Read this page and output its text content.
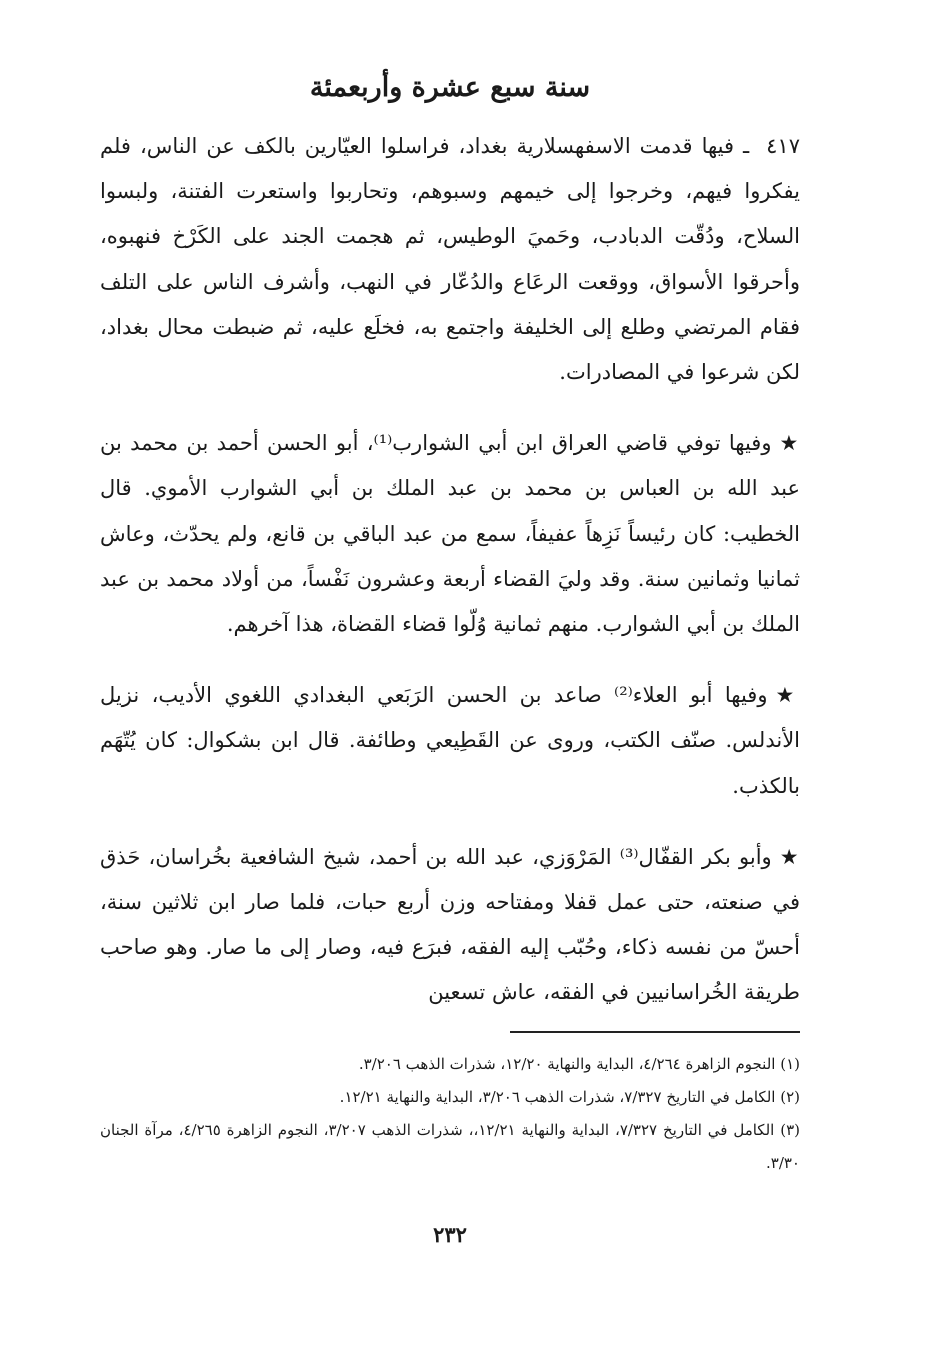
سنة سبع عشرة وأربعمئة

٤١٧ ـ فيها قدمت الاسفهسلارية بغداد، فراسلوا العيّارين بالكف عن الناس، فلم يفكروا فيهم، وخرجوا إلى خيمهم وسبوهم، وتحاربوا واستعرت الفتنة، ولبسوا السلاح، ودُقّت الدبادب، وحَميَ الوطيس، ثم هجمت الجند على الكَرْخ فنهبوه، وأحرقوا الأسواق، ووقعت الرعَاع والدُعّار في النهب، وأشرف الناس على التلف فقام المرتضي وطلع إلى الخليفة واجتمع به، فخلَع عليه، ثم ضبطت محال بغداد، لكن شرعوا في المصادرات.

★وفيها توفي قاضي العراق ابن أبي الشوارب⁽¹⁾، أبو الحسن أحمد بن محمد بن عبد الله بن العباس بن محمد بن عبد الملك بن أبي الشوارب الأموي. قال الخطيب: كان رئيساً نَزِهاً عفيفاً، سمع من عبد الباقي بن قانع، ولم يحدّث، وعاش ثمانيا وثمانين سنة. وقد وليَ القضاء أربعة وعشرون نَفْساً، من أولاد محمد بن عبد الملك بن أبي الشوارب. منهم ثمانية وُلّوا قضاء القضاة، هذا آخرهم.

★وفيها أبو العلاء⁽²⁾ صاعد بن الحسن الرَبَعي البغدادي اللغوي الأديب، نزيل الأندلس. صنّف الكتب، وروى عن القَطِيعي وطائفة. قال ابن بشكوال: كان يُتّهَم بالكذب.

★وأبو بكر القفّال⁽³⁾ المَرْوَزي، عبد الله بن أحمد، شيخ الشافعية بخُراسان، حَذق في صنعته، حتى عمل قفلا ومفتاحه وزن أربع حبات، فلما صار ابن ثلاثين سنة، أحسّ من نفسه ذكاء، وحُبّب إليه الفقه، فبرَع فيه، وصار إلى ما صار. وهو صاحب طريقة الخُراسانيين في الفقه، عاش تسعين

(١) النجوم الزاهرة ٤/٢٦٤، البداية والنهاية ١٢/٢٠، شذرات الذهب ٣/٢٠٦.

(٢) الكامل في التاريخ ٧/٣٢٧، شذرات الذهب ٣/٢٠٦، البداية والنهاية ١٢/٢١.

(٣) الكامل في التاريخ ٧/٣٢٧، البداية والنهاية ١٢/٢١،، شذرات الذهب ٣/٢٠٧، النجوم الزاهرة ٤/٢٦٥، مرآة الجنان ٣/٣٠.

٢٣٢
